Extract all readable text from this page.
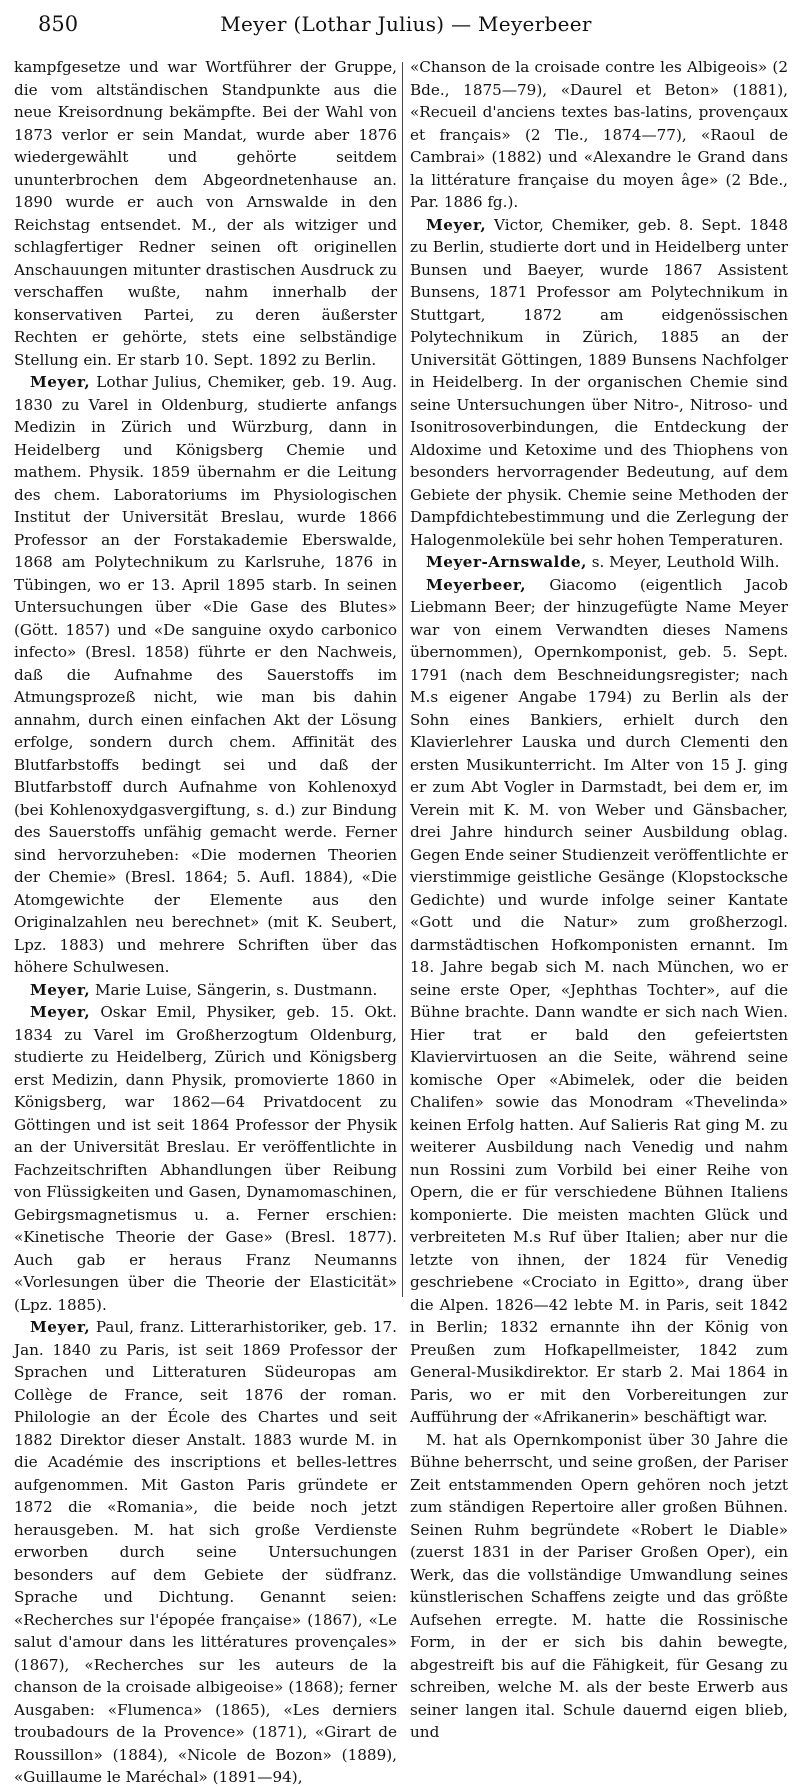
850	Meyer (Lothar Julius) — Meyerbeer

kampfgesetze und war Wortführer der Gruppe, die vom altständischen Standpunkte aus die neue Kreisordnung bekämpfte. Bei der Wahl von 1873 verlor er sein Mandat, wurde aber 1876 wiedergewählt und gehörte seitdem ununterbrochen dem Abgeordnetenhause an. 1890 wurde er auch von Arnswalde in den Reichstag entsendet. M., der als witziger und schlagfertiger Redner seinen oft originellen Anschauungen mitunter drastischen Ausdruck zu verschaffen wußte, nahm innerhalb der konservativen Partei, zu deren äußerster Rechten er gehörte, stets eine selbständige Stellung ein. Er starb 10. Sept. 1892 zu Berlin.

Meyer, Lothar Julius, Chemiker, geb. 19. Aug. 1830 zu Varel in Oldenburg, studierte anfangs Medizin in Zürich und Würzburg, dann in Heidelberg und Königsberg Chemie und mathem. Physik. 1859 übernahm er die Leitung des chem. Laboratoriums im Physiologischen Institut der Universität Breslau, wurde 1866 Professor an der Forstakademie Eberswalde, 1868 am Polytechnikum zu Karlsruhe, 1876 in Tübingen, wo er 13. April 1895 starb. In seinen Untersuchungen über «Die Gase des Blutes» (Gött. 1857) und «De sanguine oxydo carbonico infecto» (Bresl. 1858) führte er den Nachweis, daß die Aufnahme des Sauerstoffs im Atmungsprozeß nicht, wie man bis dahin annahm, durch einen einfachen Akt der Lösung erfolge, sondern durch chem. Affinität des Blutfarbstoffs bedingt sei und daß der Blutfarbstoff durch Aufnahme von Kohlenoxyd (bei Kohlenoxydgasvergiftung, s. d.) zur Bindung des Sauerstoffs unfähig gemacht werde. Ferner sind hervorzuheben: «Die modernen Theorien der Chemie» (Bresl. 1864; 5. Aufl. 1884), «Die Atomgewichte der Elemente aus den Originalzahlen neu berechnet» (mit K. Seubert, Lpz. 1883) und mehrere Schriften über das höhere Schulwesen.

Meyer, Marie Luise, Sängerin, s. Dustmann.

Meyer, Oskar Emil, Physiker, geb. 15. Okt. 1834 zu Varel im Großherzogtum Oldenburg, studierte zu Heidelberg, Zürich und Königsberg erst Medizin, dann Physik, promovierte 1860 in Königsberg, war 1862—64 Privatdocent zu Göttingen und ist seit 1864 Professor der Physik an der Universität Breslau. Er veröffentlichte in Fachzeitschriften Abhandlungen über Reibung von Flüssigkeiten und Gasen, Dynamomaschinen, Gebirgsmagnetismus u. a. Ferner erschien: «Kinetische Theorie der Gase» (Bresl. 1877). Auch gab er heraus Franz Neumanns «Vorlesungen über die Theorie der Elasticität» (Lpz. 1885).

Meyer, Paul, franz. Litterarhistoriker, geb. 17. Jan. 1840 zu Paris, ist seit 1869 Professor der Sprachen und Litteraturen Südeuropas am Collège de France, seit 1876 der roman. Philologie an der École des Chartes und seit 1882 Direktor dieser Anstalt. 1883 wurde M. in die Académie des inscriptions et belles-lettres aufgenommen. Mit Gaston Paris gründete er 1872 die «Romania», die beide noch jetzt herausgeben. M. hat sich große Verdienste erworben durch seine Untersuchungen besonders auf dem Gebiete der südfranz. Sprache und Dichtung. Genannt seien: «Recherches sur l'épopée française» (1867), «Le salut d'amour dans les littératures provençales» (1867), «Recherches sur les auteurs de la chanson de la croisade albigeoise» (1868); ferner Ausgaben: «Flumenca» (1865), «Les derniers troubadours de la Provence» (1871), «Girart de Roussillon» (1884), «Nicole de Bozon» (1889), «Guillaume le Maréchal» (1891—94),

«Chanson de la croisade contre les Albigeois» (2 Bde., 1875—79), «Daurel et Beton» (1881), «Recueil d'anciens textes bas-latins, provençaux et français» (2 Tle., 1874—77), «Raoul de Cambrai» (1882) und «Alexandre le Grand dans la littérature française du moyen âge» (2 Bde., Par. 1886 fg.).

Meyer, Victor, Chemiker, geb. 8. Sept. 1848 zu Berlin, studierte dort und in Heidelberg unter Bunsen und Baeyer, wurde 1867 Assistent Bunsens, 1871 Professor am Polytechnikum in Stuttgart, 1872 am eidgenössischen Polytechnikum in Zürich, 1885 an der Universität Göttingen, 1889 Bunsens Nachfolger in Heidelberg. In der organischen Chemie sind seine Untersuchungen über Nitro-, Nitroso- und Isonitrosoverbindungen, die Entdeckung der Aldoxime und Ketoxime und des Thiophens von besonders hervorragender Bedeutung, auf dem Gebiete der physik. Chemie seine Methoden der Dampfdichtebestimmung und die Zerlegung der Halogenmoleküle bei sehr hohen Temperaturen.

Meyer-Arnswalde, s. Meyer, Leuthold Wilh.

Meyerbeer, Giacomo (eigentlich Jacob Liebmann Beer; der hinzugefügte Name Meyer war von einem Verwandten dieses Namens übernommen), Opernkomponist, geb. 5. Sept. 1791 (nach dem Beschneidungsregister; nach M.s eigener Angabe 1794) zu Berlin als der Sohn eines Bankiers, erhielt durch den Klavierlehrer Lauska und durch Clementi den ersten Musikunterricht. Im Alter von 15 J. ging er zum Abt Vogler in Darmstadt, bei dem er, im Verein mit K. M. von Weber und Gänsbacher, drei Jahre hindurch seiner Ausbildung oblag. Gegen Ende seiner Studienzeit veröffentlichte er vierstimmige geistliche Gesänge (Klopstocksche Gedichte) und wurde infolge seiner Kantate «Gott und die Natur» zum großherzogl. darmstädtischen Hofkomponisten ernannt. Im 18. Jahre begab sich M. nach München, wo er seine erste Oper, «Jephthas Tochter», auf die Bühne brachte. Dann wandte er sich nach Wien. Hier trat er bald den gefeiertsten Klaviervirtuosen an die Seite, während seine komische Oper «Abimelek, oder die beiden Chalifen» sowie das Monodram «Thevelinda» keinen Erfolg hatten. Auf Salieris Rat ging M. zu weiterer Ausbildung nach Venedig und nahm nun Rossini zum Vorbild bei einer Reihe von Opern, die er für verschiedene Bühnen Italiens komponierte. Die meisten machten Glück und verbreiteten M.s Ruf über Italien; aber nur die letzte von ihnen, der 1824 für Venedig geschriebene «Crociato in Egitto», drang über die Alpen. 1826—42 lebte M. in Paris, seit 1842 in Berlin; 1832 ernannte ihn der König von Preußen zum Hofkapellmeister, 1842 zum General-Musikdirektor. Er starb 2. Mai 1864 in Paris, wo er mit den Vorbereitungen zur Aufführung der «Afrikanerin» beschäftigt war.

M. hat als Opernkomponist über 30 Jahre die Bühne beherrscht, und seine großen, der Pariser Zeit entstammenden Opern gehören noch jetzt zum ständigen Repertoire aller großen Bühnen. Seinen Ruhm begründete «Robert le Diable» (zuerst 1831 in der Pariser Großen Oper), ein Werk, das die vollständige Umwandlung seines künstlerischen Schaffens zeigte und das größte Aufsehen erregte. M. hatte die Rossinische Form, in der er sich bis dahin bewegte, abgestreift bis auf die Fähigkeit, für Gesang zu schreiben, welche M. als der beste Erwerb aus seiner langen ital. Schule dauernd eigen blieb, und
